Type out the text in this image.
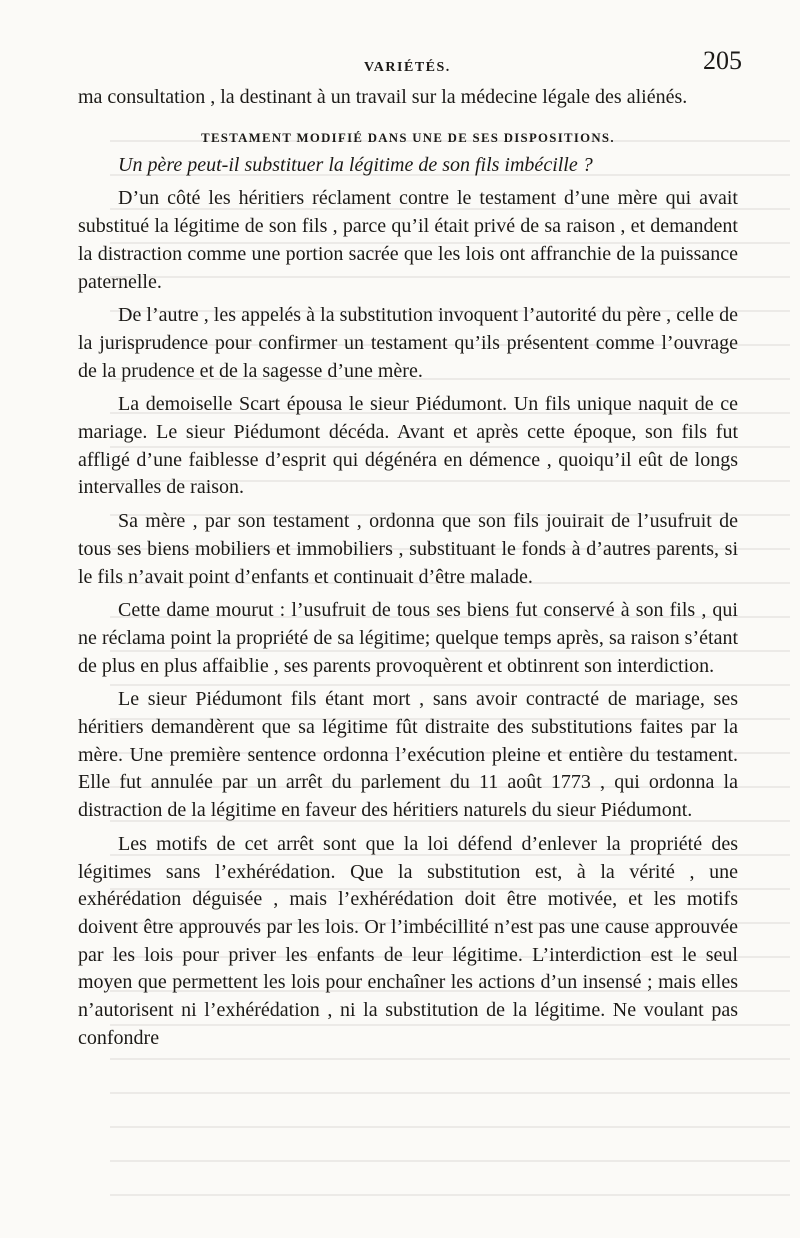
VARIÉTÉS.	205

ma consultation , la destinant à un travail sur la médecine légale des aliénés.

TESTAMENT MODIFIÉ DANS UNE DE SES DISPOSITIONS.

Un père peut-il substituer la légitime de son fils imbécille ?

D’un côté les héritiers réclament contre le testament d’une mère qui avait substitué la légitime de son fils , parce qu’il était privé de sa raison , et demandent la distraction comme une portion sacrée que les lois ont affranchie de la puissance paternelle.

De l’autre , les appelés à la substitution invoquent l’autorité du père , celle de la jurisprudence pour confirmer un testament qu’ils présentent comme l’ouvrage de la prudence et de la sagesse d’une mère.

La demoiselle Scart épousa le sieur Piédumont. Un fils unique naquit de ce mariage. Le sieur Piédumont décéda. Avant et après cette époque, son fils fut affligé d’une faiblesse d’esprit qui dégénéra en démence , quoiqu’il eût de longs intervalles de raison.

Sa mère , par son testament , ordonna que son fils jouirait de l’usufruit de tous ses biens mobiliers et immobiliers , substituant le fonds à d’autres parents, si le fils n’avait point d’enfants et continuait d’être malade.

Cette dame mourut : l’usufruit de tous ses biens fut conservé à son fils , qui ne réclama point la propriété de sa légitime; quelque temps après, sa raison s’étant de plus en plus affaiblie , ses parents provoquèrent et obtinrent son interdiction.

Le sieur Piédumont fils étant mort , sans avoir contracté de mariage, ses héritiers demandèrent que sa légitime fût distraite des substitutions faites par la mère. Une première sentence ordonna l’exécution pleine et entière du testament. Elle fut annulée par un arrêt du parlement du 11 août 1773 , qui ordonna la distraction de la légitime en faveur des héritiers naturels du sieur Piédumont.

Les motifs de cet arrêt sont que la loi défend d’enlever la propriété des légitimes sans l’exhérédation. Que la substitution est, à la vérité , une exhérédation déguisée , mais l’exhérédation doit être motivée, et les motifs doivent être approuvés par les lois. Or l’imbécillité n’est pas une cause approuvée par les lois pour priver les enfants de leur légitime. L’interdiction est le seul moyen que permettent les lois pour enchaîner les actions d’un insensé ; mais elles n’autorisent ni l’exhérédation , ni la substitution de la légitime. Ne voulant pas confondre
